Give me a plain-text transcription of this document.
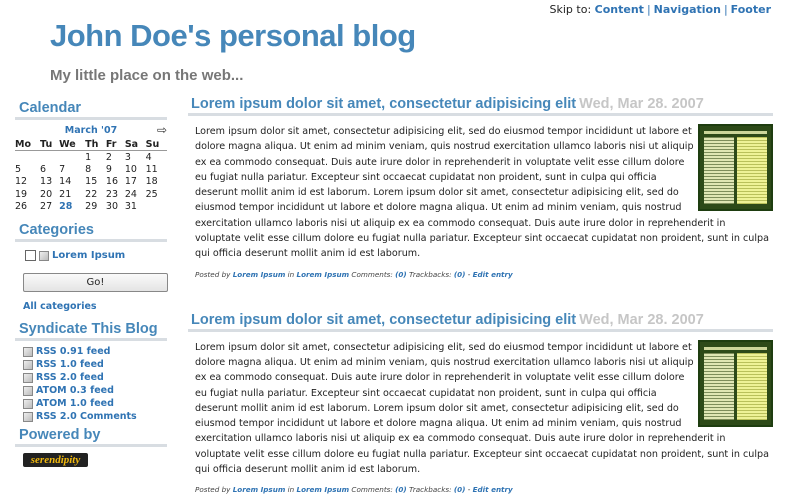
Skip to: Content | Navigation | Footer
John Doe's personal blog
My little place on the web...
Calendar
March '07	⇨
Mo	Tu	We	Th	Fr	Sa	Su
			1	2	3	4
5	6	7	8	9	10	11
12	13	14	15	16	17	18
19	20	21	22	23	24	25
26	27	28	29	30	31	
Categories
Lorem Ipsum
Go!
All categories
Syndicate This Blog
RSS 0.91 feed
RSS 1.0 feed
RSS 2.0 feed
ATOM 0.3 feed
ATOM 1.0 feed
RSS 2.0 Comments
Powered by
serendipity
Lorem ipsum dolor sit amet, consectetur adipisicing elit Wed, Mar 28. 2007
Lorem ipsum dolor sit amet, consectetur adipisicing elit, sed do eiusmod tempor incididunt ut labore et dolore magna aliqua. Ut enim ad minim veniam, quis nostrud exercitation ullamco laboris nisi ut aliquip ex ea commodo consequat. Duis aute irure dolor in reprehenderit in voluptate velit esse cillum dolore eu fugiat nulla pariatur. Excepteur sint occaecat cupidatat non proident, sunt in culpa qui officia deserunt mollit anim id est laborum. Lorem ipsum dolor sit amet, consectetur adipisicing elit, sed do eiusmod tempor incididunt ut labore et dolore magna aliqua. Ut enim ad minim veniam, quis nostrud exercitation ullamco laboris nisi ut aliquip ex ea commodo consequat. Duis aute irure dolor in reprehenderit in voluptate velit esse cillum dolore eu fugiat nulla pariatur. Excepteur sint occaecat cupidatat non proident, sunt in culpa qui officia deserunt mollit anim id est laborum.
Posted by Lorem Ipsum in Lorem Ipsum Comments: (0) Trackbacks: (0) - Edit entry
Lorem ipsum dolor sit amet, consectetur adipisicing elit Wed, Mar 28. 2007
Lorem ipsum dolor sit amet, consectetur adipisicing elit, sed do eiusmod tempor incididunt ut labore et dolore magna aliqua. Ut enim ad minim veniam, quis nostrud exercitation ullamco laboris nisi ut aliquip ex ea commodo consequat. Duis aute irure dolor in reprehenderit in voluptate velit esse cillum dolore eu fugiat nulla pariatur. Excepteur sint occaecat cupidatat non proident, sunt in culpa qui officia deserunt mollit anim id est laborum. Lorem ipsum dolor sit amet, consectetur adipisicing elit, sed do eiusmod tempor incididunt ut labore et dolore magna aliqua. Ut enim ad minim veniam, quis nostrud exercitation ullamco laboris nisi ut aliquip ex ea commodo consequat. Duis aute irure dolor in reprehenderit in voluptate velit esse cillum dolore eu fugiat nulla pariatur. Excepteur sint occaecat cupidatat non proident, sunt in culpa qui officia deserunt mollit anim id est laborum.
Posted by Lorem Ipsum in Lorem Ipsum Comments: (0) Trackbacks: (0) - Edit entry
